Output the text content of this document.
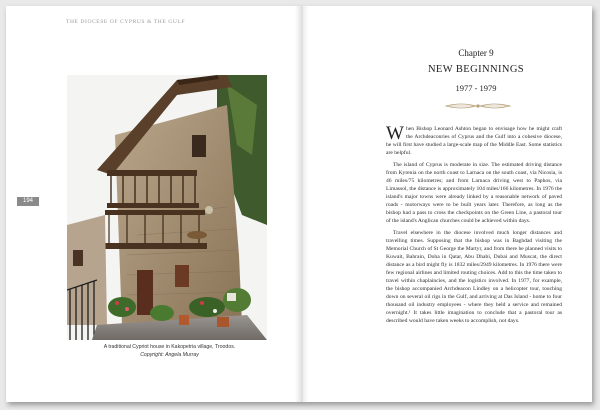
THE DIOCESE OF CYPRUS & THE GULF
194
A traditional Cypriot house in Kakopetria village, Troodos.
Copyright: Angela Murray
Chapter 9
NEW BEGINNINGS
1977 - 1979

When Bishop Leonard Ashton began to envisage how he might craft the Archdeaconries of Cyprus and the Gulf into a cohesive diocese, he will first have studied a large-scale map of the Middle East. Some statistics are helpful.

The island of Cyprus is moderate in size. The estimated driving distance from Kyrenia on the north coast to Larnaca on the south coast, via Nicosia, is 46 miles/75 kilometres; and from Larnaca driving west to Paphos, via Limassol, the distance is approximately 104 miles/166 kilometres. In 1976 the island's major towns were already linked by a reasonable network of paved roads - motorways were to be built years later. Therefore, as long as the bishop had a pass to cross the checkpoints on the Green Line, a pastoral tour of the island's Anglican churches could be achieved within days.

Travel elsewhere in the diocese involved much longer distances and travelling times. Supposing that the bishop was in Baghdad visiting the Memorial Church of St George the Martyr, and from there he planned visits to Kuwait, Bahrain, Doha in Qatar, Abu Dhabi, Dubai and Muscat, the direct distance as a bird might fly is 1832 miles/2949 kilometres. In 1976 there were few regional airlines and limited routing choices. Add to this the time taken to travel within chaplaincies, and the logistics involved. In 1977, for example, the bishop accompanied Archdeacon Lindley on a helicopter tour, touching down on several oil rigs in the Gulf, and arriving at Das Island - home to four thousand oil industry employees - where they held a service and remained overnight.¹ It takes little imagination to conclude that a pastoral tour as described would have taken weeks to accomplish, not days.
